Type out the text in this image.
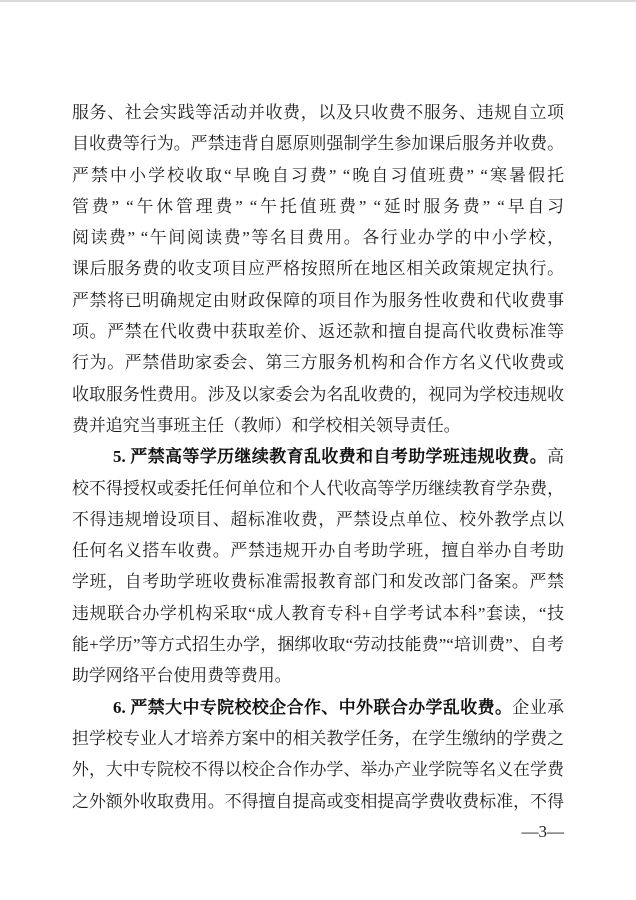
服务、社会实践等活动并收费，以及只收费不服务、违规自立项
目收费等行为。严禁违背自愿原则强制学生参加课后服务并收费。
严禁中小学校收取“早晚自习费” “晚自习值班费” “寒暑假托
管费” “午休管理费” “午托值班费” “延时服务费” “早自习
阅读费” “午间阅读费”等名目费用。各行业办学的中小学校，
课后服务费的收支项目应严格按照所在地区相关政策规定执行。
严禁将已明确规定由财政保障的项目作为服务性收费和代收费事
项。严禁在代收费中获取差价、返还款和擅自提高代收费标准等
行为。严禁借助家委会、第三方服务机构和合作方名义代收费或
收取服务性费用。涉及以家委会为名乱收费的，视同为学校违规收
费并追究当事班主任（教师）和学校相关领导责任。
5. 严禁高等学历继续教育乱收费和自考助学班违规收费。高
校不得授权或委托任何单位和个人代收高等学历继续教育学杂费，
不得违规增设项目、超标准收费，严禁设点单位、校外教学点以
任何名义搭车收费。严禁违规开办自考助学班，擅自举办自考助
学班，自考助学班收费标准需报教育部门和发改部门备案。严禁
违规联合办学机构采取“成人教育专科+自学考试本科”套读，“技
能+学历”等方式招生办学，捆绑收取“劳动技能费”“培训费”、自考
助学网络平台使用费等费用。
6. 严禁大中专院校校企合作、中外联合办学乱收费。企业承
担学校专业人才培养方案中的相关教学任务，在学生缴纳的学费之
外，大中专院校不得以校企合作办学、举办产业学院等名义在学费
之外额外收取费用。不得擅自提高或变相提高学费收费标准，不得
—3—
